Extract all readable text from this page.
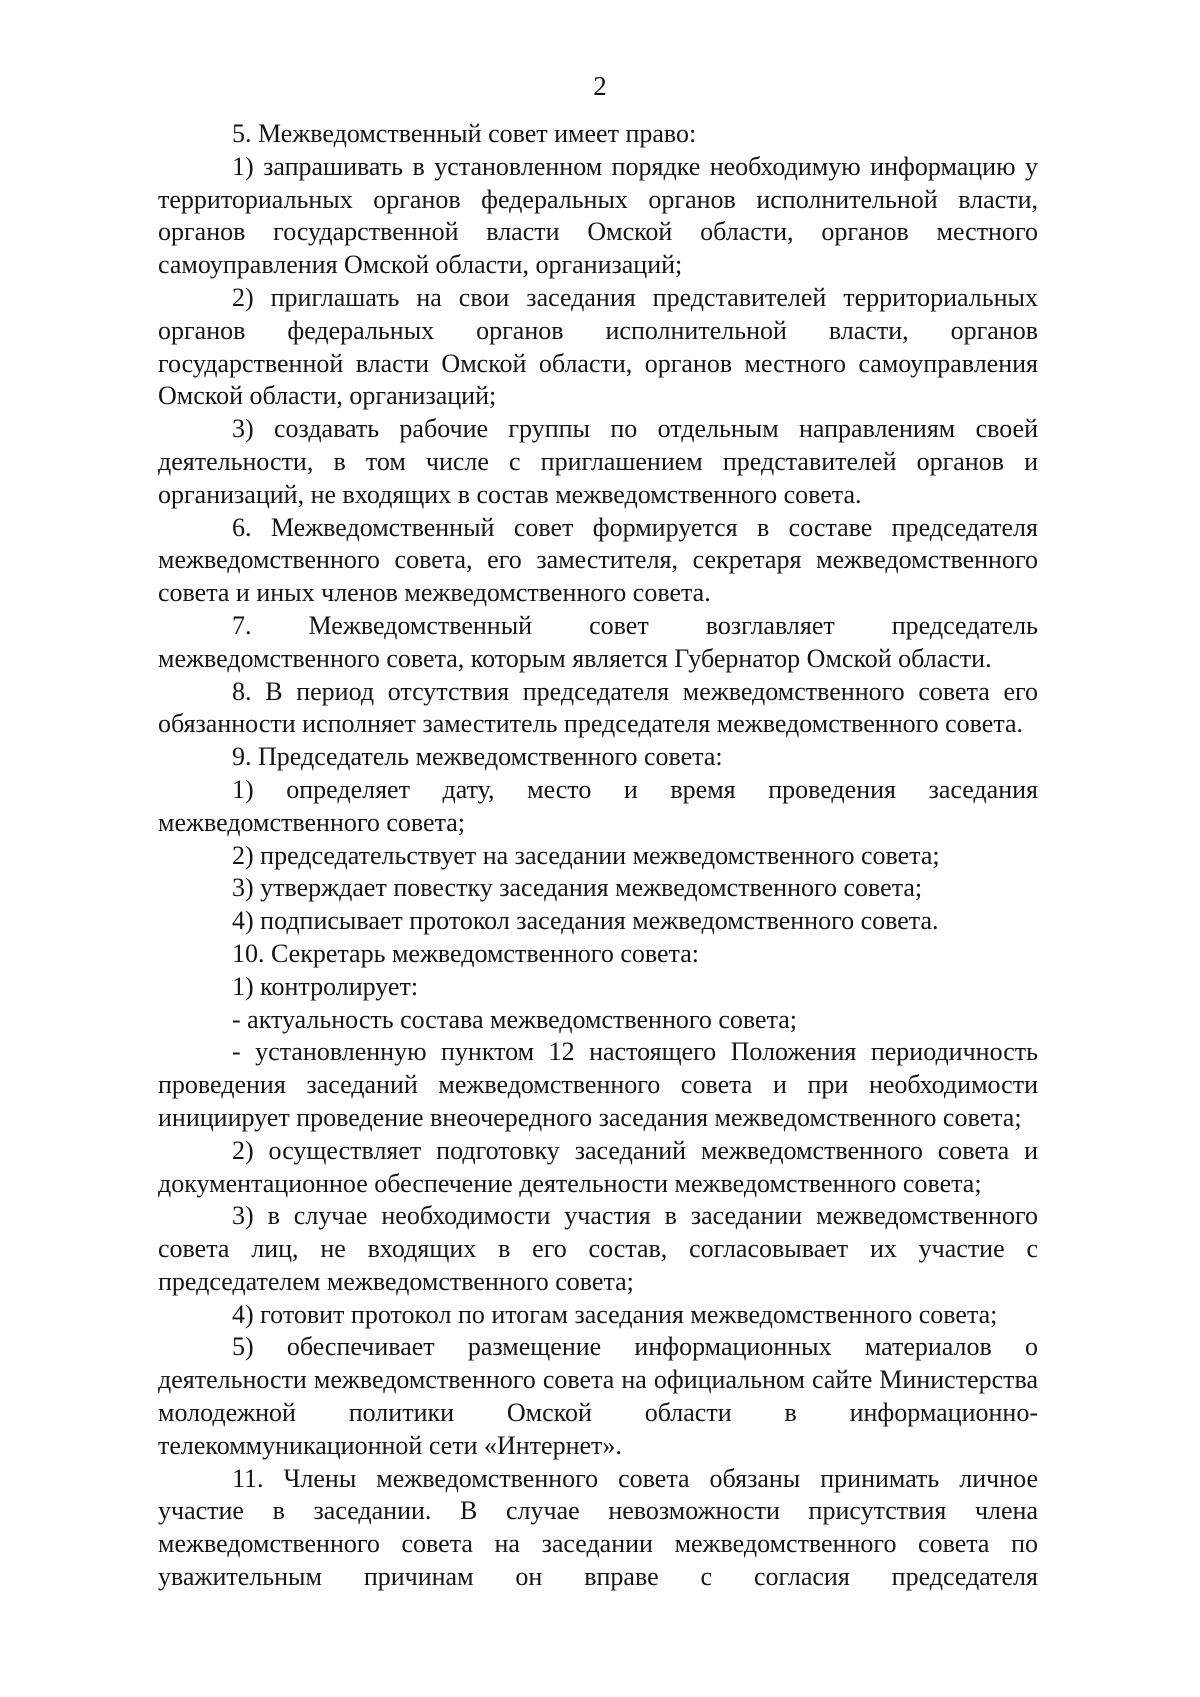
2

5. Межведомственный совет имеет право:

1) запрашивать в установленном порядке необходимую информацию у территориальных органов федеральных органов исполнительной власти, органов государственной власти Омской области, органов местного самоуправления Омской области, организаций;

2) приглашать на свои заседания представителей территориальных органов федеральных органов исполнительной власти, органов государственной власти Омской области, органов местного самоуправления Омской области, организаций;

3) создавать рабочие группы по отдельным направлениям своей деятельности, в том числе с приглашением представителей органов и организаций, не входящих в состав межведомственного совета.

6. Межведомственный совет формируется в составе председателя межведомственного совета, его заместителя, секретаря межведомственного совета и иных членов межведомственного совета.

7. Межведомственный совет возглавляет председатель межведомственного совета, которым является Губернатор Омской области.

8. В период отсутствия председателя межведомственного совета его обязанности исполняет заместитель председателя межведомственного совета.

9. Председатель межведомственного совета:

1) определяет дату, место и время проведения заседания межведомственного совета;

2) председательствует на заседании межведомственного совета;

3) утверждает повестку заседания межведомственного совета;

4) подписывает протокол заседания межведомственного совета.

10. Секретарь межведомственного совета:

1) контролирует:

- актуальность состава межведомственного совета;

- установленную пунктом 12 настоящего Положения периодичность проведения заседаний межведомственного совета и при необходимости инициирует проведение внеочередного заседания межведомственного совета;

2) осуществляет подготовку заседаний межведомственного совета и документационное обеспечение деятельности межведомственного совета;

3) в случае необходимости участия в заседании межведомственного совета лиц, не входящих в его состав, согласовывает их участие с председателем межведомственного совета;

4) готовит протокол по итогам заседания межведомственного совета;

5) обеспечивает размещение информационных материалов о деятельности межведомственного совета на официальном сайте Министерства молодежной политики Омской области в информационно-телекоммуникационной сети «Интернет».

11. Члены межведомственного совета обязаны принимать личное участие в заседании. В случае невозможности присутствия члена межведомственного совета на заседании межведомственного совета по уважительным причинам он вправе с согласия председателя
